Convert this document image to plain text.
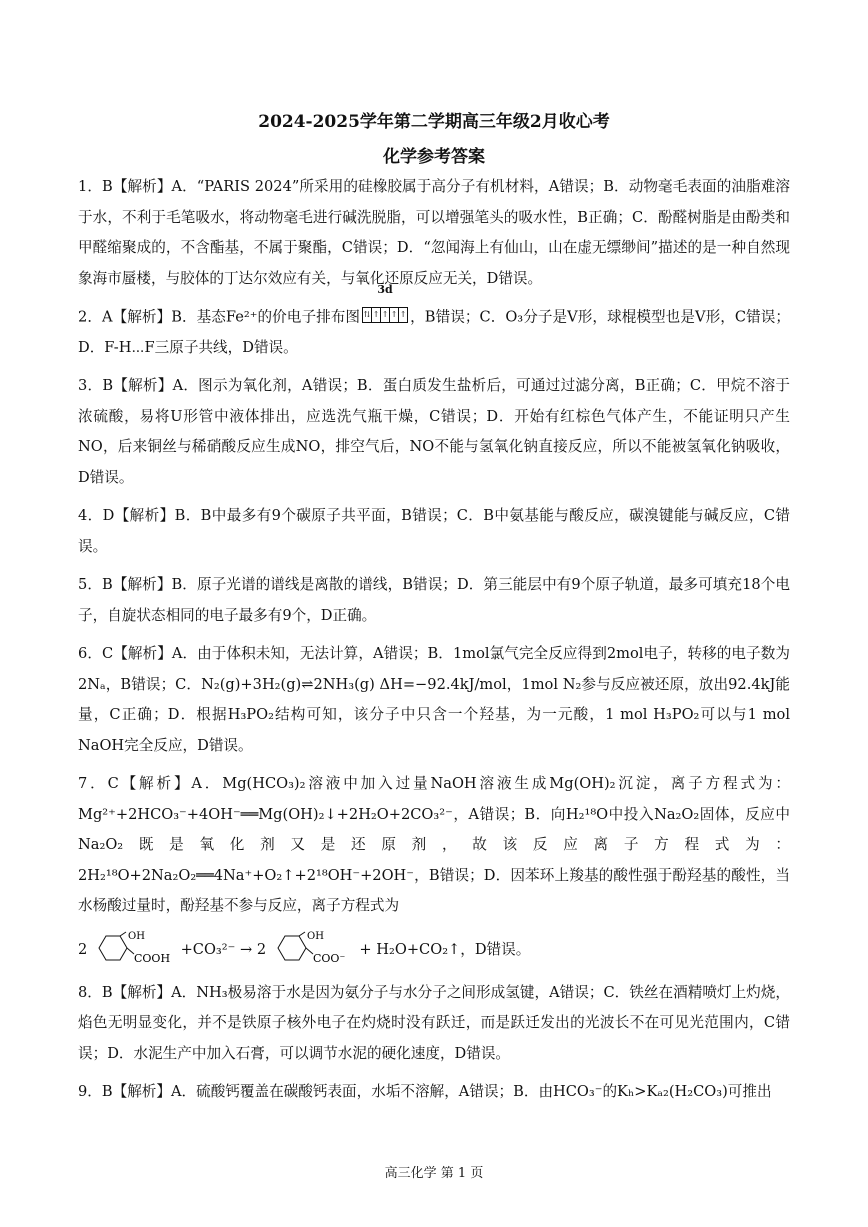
2024-2025学年第二学期高三年级2月收心考
化学参考答案

1．B【解析】A．“PARIS 2024”所采用的硅橡胶属于高分子有机材料，A错误；B．动物毫毛表面的油脂难溶于水，不利于毛笔吸水，将动物毫毛进行碱洗脱脂，可以增强笔头的吸水性，B正确；C．酚醛树脂是由酚类和甲醛缩聚成的，不含酯基，不属于聚酯，C错误；D．“忽闻海上有仙山，山在虚无缥缈间”描述的是一种自然现象海市蜃楼，与胶体的丁达尔效应有关，与氧化还原反应无关，D错误。

2．A【解析】B．基态Fe²⁺的价电子排布图
3d
⇅ ↑ ↑ ↑ ↑ ，B错误；C．O₃分子是V形，球棍模型也是V形，C错误；D．F-H⋯F三原子共线，D错误。

3．B【解析】A．图示为氧化剂，A错误；B．蛋白质发生盐析后，可通过过滤分离，B正确；C．甲烷不溶于浓硫酸，易将U形管中液体排出，应选洗气瓶干燥，C错误；D．开始有红棕色气体产生，不能证明只产生NO，后来铜丝与稀硝酸反应生成NO，排空气后，NO不能与氢氧化钠直接反应，所以不能被氢氧化钠吸收，D错误。

4．D【解析】B．B中最多有9个碳原子共平面，B错误；C．B中氨基能与酸反应，碳溴键能与碱反应，C错误。

5．B【解析】B．原子光谱的谱线是离散的谱线，B错误；D．第三能层中有9个原子轨道，最多可填充18个电子，自旋状态相同的电子最多有9个，D正确。

6．C【解析】A．由于体积未知，无法计算，A错误；B．1mol氯气完全反应得到2mol电子，转移的电子数为2Nₐ，B错误；C．N₂(g)+3H₂(g)⇌2NH₃(g) ΔH=−92.4kJ/mol，1mol N₂参与反应被还原，放出92.4kJ能量，C正确；D．根据H₃PO₂结构可知，该分子中只含一个羟基，为一元酸，1 mol H₃PO₂可以与1 mol NaOH完全反应，D错误。

7．C【解析】A．Mg(HCO₃)₂溶液中加入过量NaOH溶液生成Mg(OH)₂沉淀，离子方程式为：Mg²⁺+2HCO₃⁻+4OH⁻══Mg(OH)₂↓+2H₂O+2CO₃²⁻，A错误；B．向H₂¹⁸O中投入Na₂O₂固体，反应中Na₂O₂既是氧化剂又是还原剂，故该反应离子方程式为：2H₂¹⁸O+2Na₂O₂══4Na⁺+O₂↑+2¹⁸OH⁻+2OH⁻，B错误；D．因苯环上羧基的酸性强于酚羟基的酸性，当水杨酸过量时，酚羟基不参与反应，离子方程式为

2
OH
COOH
+CO₃²⁻ → 2
OH
COO⁻
+ H₂O+CO₂↑，D错误。

8．B【解析】A．NH₃极易溶于水是因为氨分子与水分子之间形成氢键，A错误；C．铁丝在酒精喷灯上灼烧，焰色无明显变化，并不是铁原子核外电子在灼烧时没有跃迁，而是跃迁发出的光波长不在可见光范围内，C错误；D．水泥生产中加入石膏，可以调节水泥的硬化速度，D错误。

9．B【解析】A．硫酸钙覆盖在碳酸钙表面，水垢不溶解，A错误；B．由HCO₃⁻的Kₕ>Kₐ₂(H₂CO₃)可推出

高三化学 第 1 页
